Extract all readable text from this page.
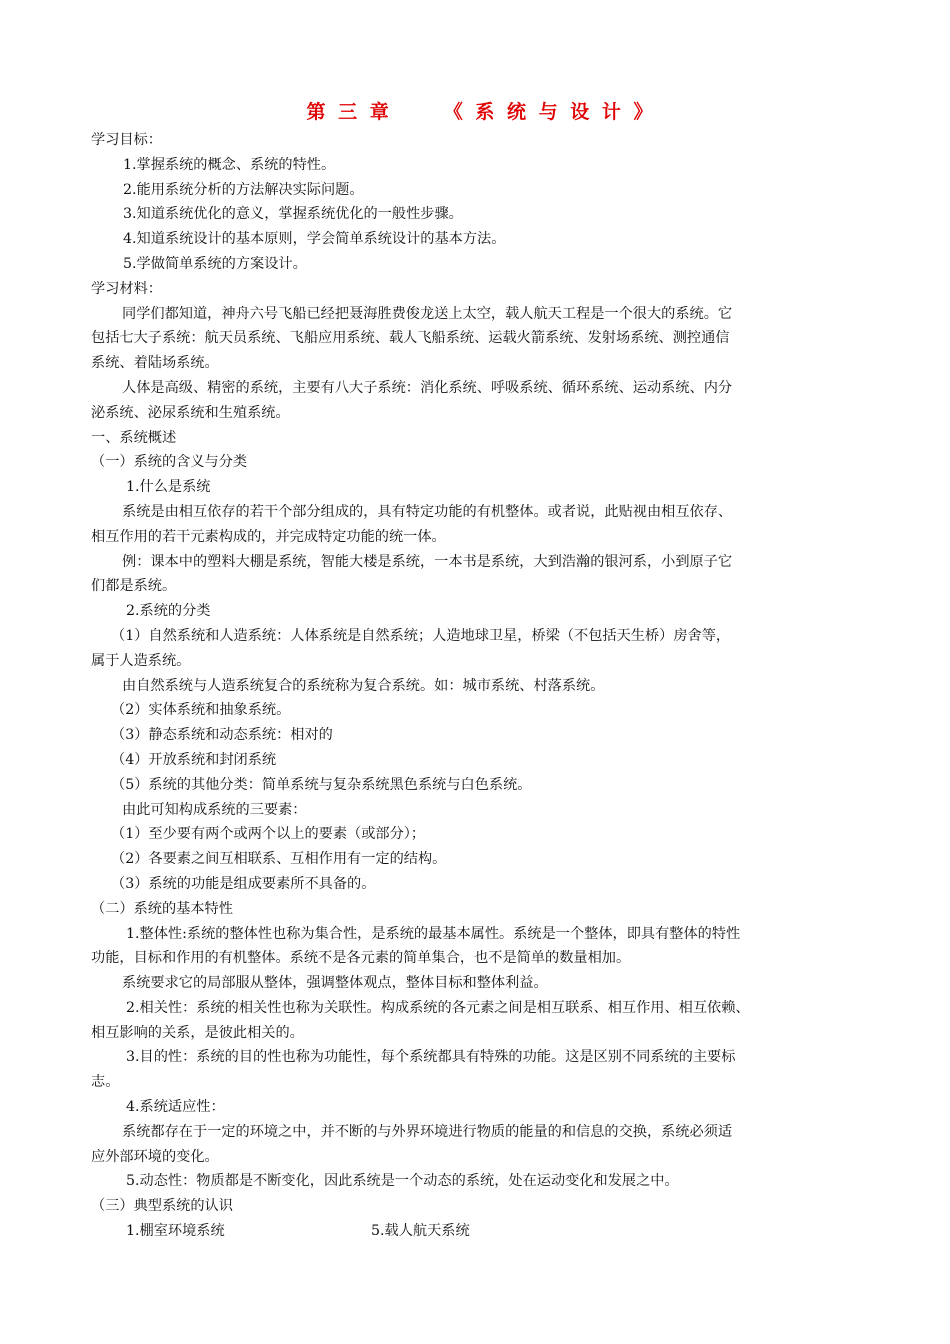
第 三 章	《 系 统 与 设 计 》
学习目标：
1.掌握系统的概念、系统的特性。
2.能用系统分析的方法解决实际问题。
3.知道系统优化的意义，掌握系统优化的一般性步骤。
4.知道系统设计的基本原则，学会简单系统设计的基本方法。
5.学做简单系统的方案设计。
学习材料：
同学们都知道，神舟六号飞船已经把聂海胜费俊龙送上太空，载人航天工程是一个很大的系统。它
包括七大子系统：航天员系统、飞船应用系统、载人飞船系统、运载火箭系统、发射场系统、测控通信
系统、着陆场系统。
人体是高级、精密的系统，主要有八大子系统：消化系统、呼吸系统、循环系统、运动系统、内分
泌系统、泌尿系统和生殖系统。
一、系统概述
（一）系统的含义与分类
1.什么是系统
系统是由相互依存的若干个部分组成的，具有特定功能的有机整体。或者说，此贴视由相互依存、
相互作用的若干元素构成的，并完成特定功能的统一体。
例：课本中的塑料大棚是系统，智能大楼是系统，一本书是系统，大到浩瀚的银河系，小到原子它
们都是系统。
2.系统的分类
（1）自然系统和人造系统：人体系统是自然系统；人造地球卫星，桥梁（不包括天生桥）房舍等，
属于人造系统。
由自然系统与人造系统复合的系统称为复合系统。如：城市系统、村落系统。
（2）实体系统和抽象系统。
（3）静态系统和动态系统：相对的
（4）开放系统和封闭系统
（5）系统的其他分类：简单系统与复杂系统黑色系统与白色系统。
由此可知构成系统的三要素：
（1）至少要有两个或两个以上的要素（或部分）；
（2）各要素之间互相联系、互相作用有一定的结构。
（3）系统的功能是组成要素所不具备的。
（二）系统的基本特性
1.整体性:系统的整体性也称为集合性，是系统的最基本属性。系统是一个整体，即具有整体的特性
功能，目标和作用的有机整体。系统不是各元素的简单集合，也不是简单的数量相加。
系统要求它的局部服从整体，强调整体观点，整体目标和整体利益。
2.相关性：系统的相关性也称为关联性。构成系统的各元素之间是相互联系、相互作用、相互依赖、
相互影响的关系，是彼此相关的。
3.目的性：系统的目的性也称为功能性，每个系统都具有特殊的功能。这是区别不同系统的主要标
志。
4.系统适应性：
系统都存在于一定的环境之中，并不断的与外界环境进行物质的能量的和信息的交换，系统必须适
应外部环境的变化。
5.动态性：物质都是不断变化，因此系统是一个动态的系统，处在运动变化和发展之中。
（三）典型系统的认识
1.棚室环境系统	5.载人航天系统
